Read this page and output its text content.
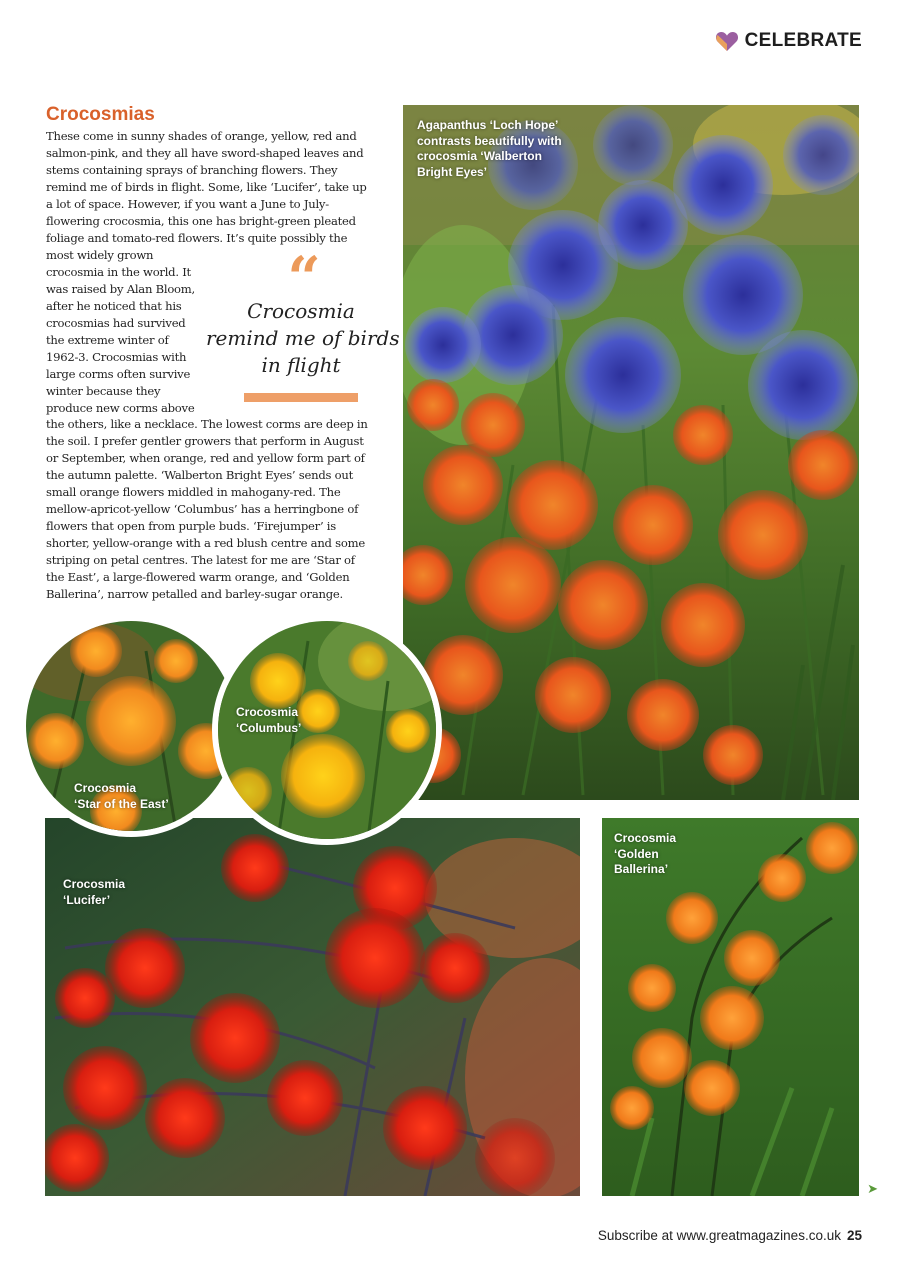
CELEBRATE
Crocosmias

These come in sunny shades of orange, yellow, red and
salmon-pink, and they all have sword-shaped leaves and
stems containing sprays of branching flowers. They
remind me of birds in flight. Some, like ‘Lucifer’, take up
a lot of space. However, if you want a June to July-
flowering crocosmia, this one has bright-green pleated
foliage and tomato-red flowers. It’s quite possibly the

most widely grown
crocosmia in the world. It
was raised by Alan Bloom,
after he noticed that his
crocosmias had survived
the extreme winter of
1962-3. Crocosmias with
large corms often survive
winter because they
produce new corms above

the others, like a necklace. The lowest corms are deep in
the soil. I prefer gentler growers that perform in August
or September, when orange, red and yellow form part of
the autumn palette. ‘Walberton Bright Eyes’ sends out
small orange flowers middled in mahogany-red. The
mellow-apricot-yellow ‘Columbus’ has a herringbone of
flowers that open from purple buds. ‘Firejumper’ is
shorter, yellow-orange with a red blush centre and some
striping on petal centres. The latest for me are ‘Star of
the East’, a large-flowered warm orange, and ‘Golden
Ballerina’, narrow petalled and barley-sugar orange.

“
Crocosmia
remind me of birds
in flight

Agapanthus ‘Loch Hope’
contrasts beautifully with
crocosmia ‘Walberton
Bright Eyes’

Crocosmia
‘Lucifer’

Crocosmia
‘Golden
Ballerina’

Crocosmia
‘Star of the East’

Crocosmia
‘Columbus’

➤
Subscribe at www.greatmagazines.co.uk 25
